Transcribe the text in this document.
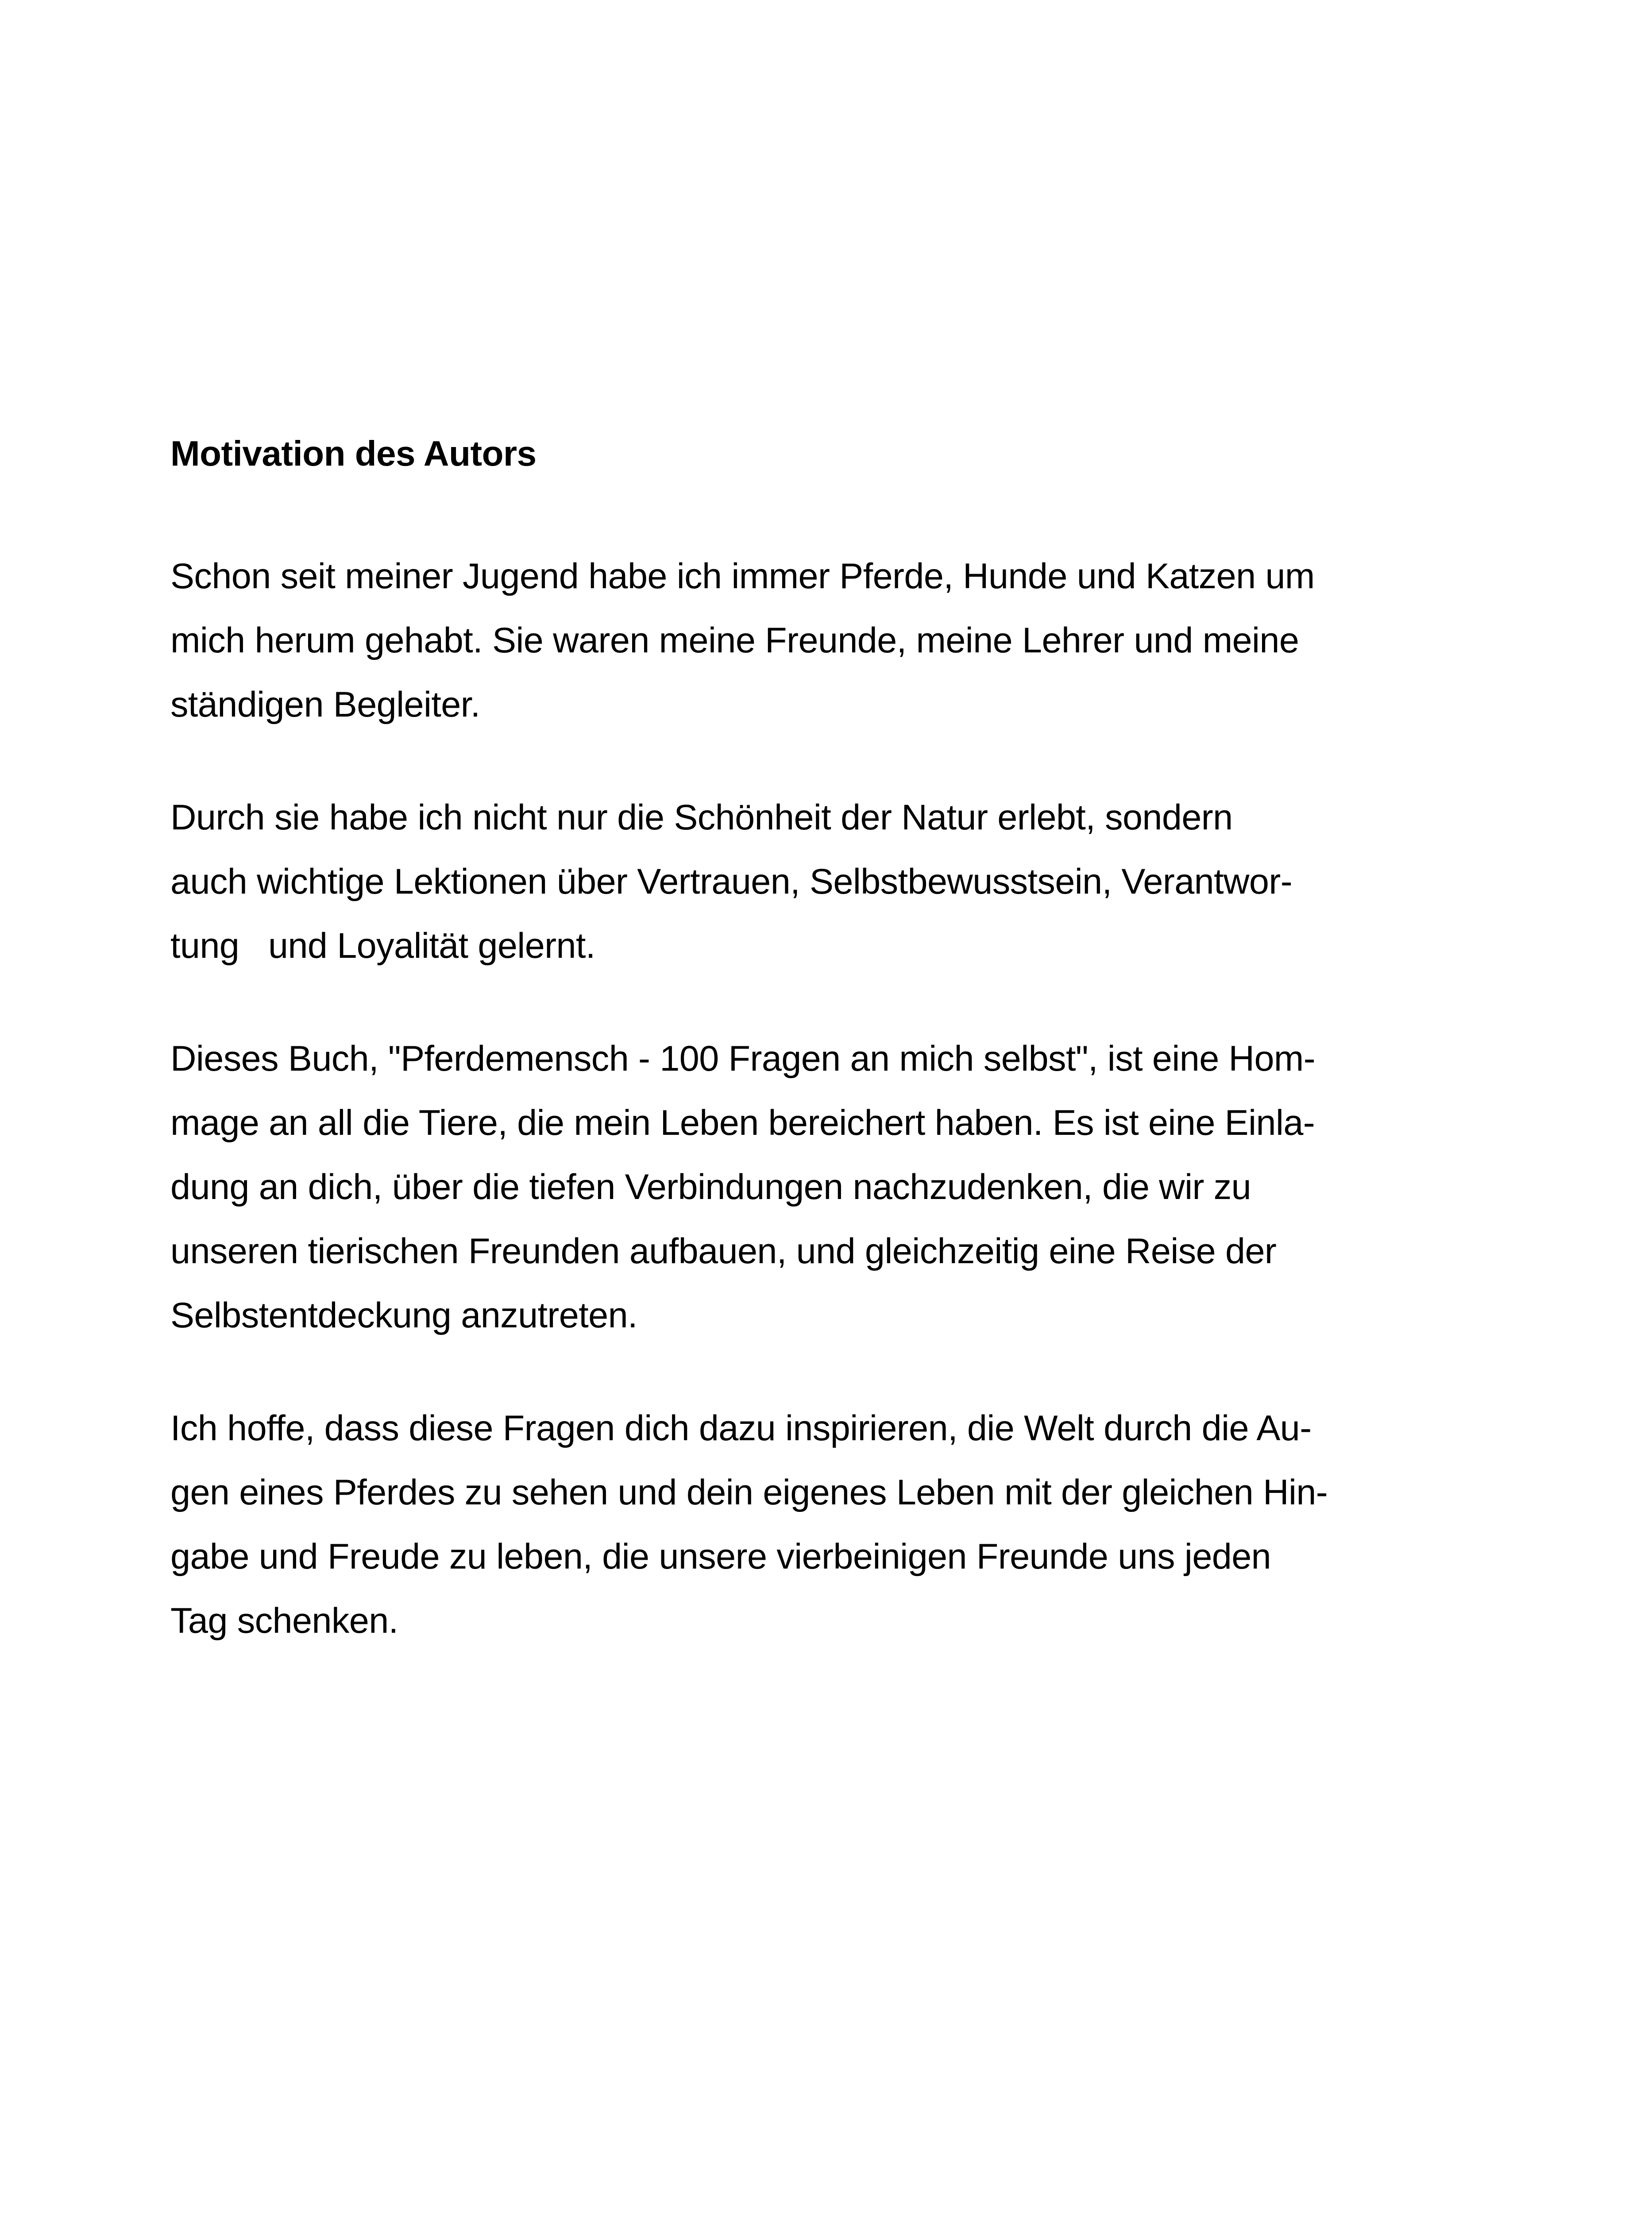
Motivation des Autors

Schon seit meiner Jugend habe ich immer Pferde, Hunde und Katzen um
mich herum gehabt. Sie waren meine Freunde, meine Lehrer und meine
ständigen Begleiter.

Durch sie habe ich nicht nur die Schönheit der Natur erlebt, sondern
auch wichtige Lektionen über Vertrauen, Selbstbewusstsein, Verantwor-
tung   und Loyalität gelernt.

Dieses Buch, "Pferdemensch - 100 Fragen an mich selbst", ist eine Hom-
mage an all die Tiere, die mein Leben bereichert haben. Es ist eine Einla-
dung an dich, über die tiefen Verbindungen nachzudenken, die wir zu
unseren tierischen Freunden aufbauen, und gleichzeitig eine Reise der
Selbstentdeckung anzutreten.

Ich hoffe, dass diese Fragen dich dazu inspirieren, die Welt durch die Au-
gen eines Pferdes zu sehen und dein eigenes Leben mit der gleichen Hin-
gabe und Freude zu leben, die unsere vierbeinigen Freunde uns jeden
Tag schenken.
